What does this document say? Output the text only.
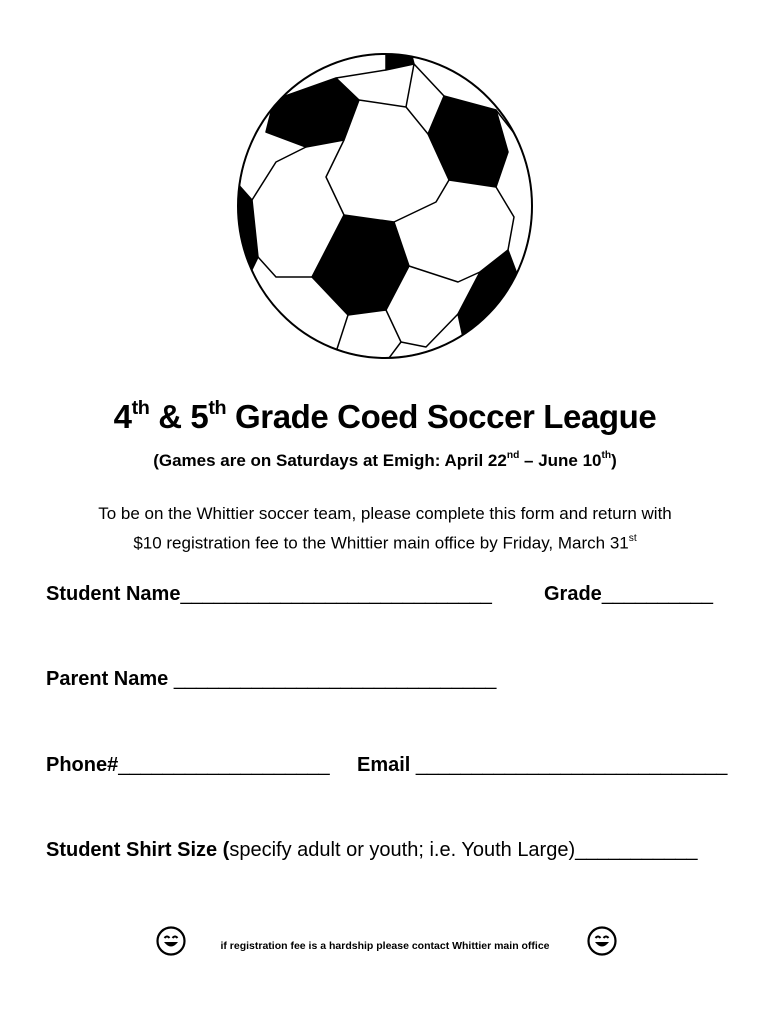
4th & 5th Grade Coed Soccer League
(Games are on Saturdays at Emigh: April 22nd – June 10th)
To be on the Whittier soccer team, please complete this form and return with
$10 registration fee to the Whittier main office by Friday, March 31st
Student Name____________________________	Grade__________
Parent Name _____________________________
Phone#___________________ Email ____________________________
Student Shirt Size (specify adult or youth; i.e. Youth Large)___________
if registration fee is a hardship please contact Whittier main office
